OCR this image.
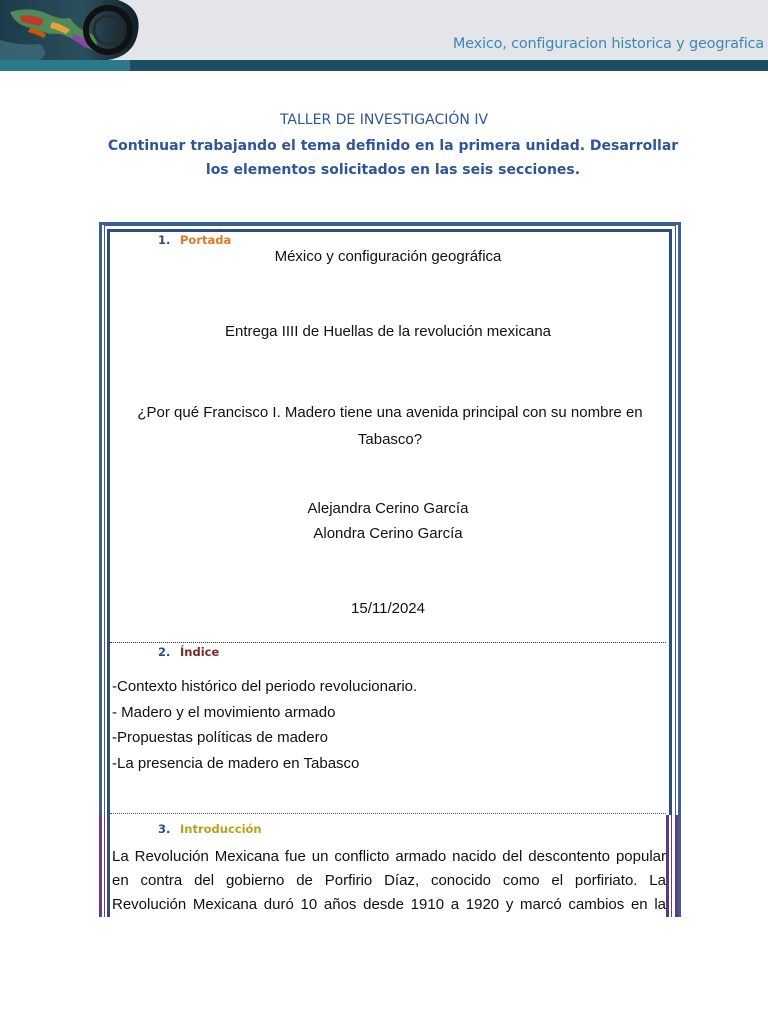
Mexico, configuracion historica y geografica
TALLER DE INVESTIGACIÓN IV
Continuar trabajando el tema definido en la primera unidad. Desarrollar los elementos solicitados en las seis secciones.
1. Portada
México y configuración geográfica
Entrega IIII de Huellas de la revolución mexicana
¿Por qué Francisco I. Madero tiene una avenida principal con su nombre en Tabasco?
Alejandra Cerino García
Alondra Cerino García
15/11/2024
2. Índice
-Contexto histórico del periodo revolucionario.
- Madero y el movimiento armado
-Propuestas políticas de madero
-La presencia de madero en Tabasco
3. Introducción
La Revolución Mexicana fue un conflicto armado nacido del descontento popular
en contra del gobierno de Porfirio Díaz, conocido como el porfiriato. La
Revolución Mexicana duró 10 años desde 1910 a 1920 y marcó cambios en la
